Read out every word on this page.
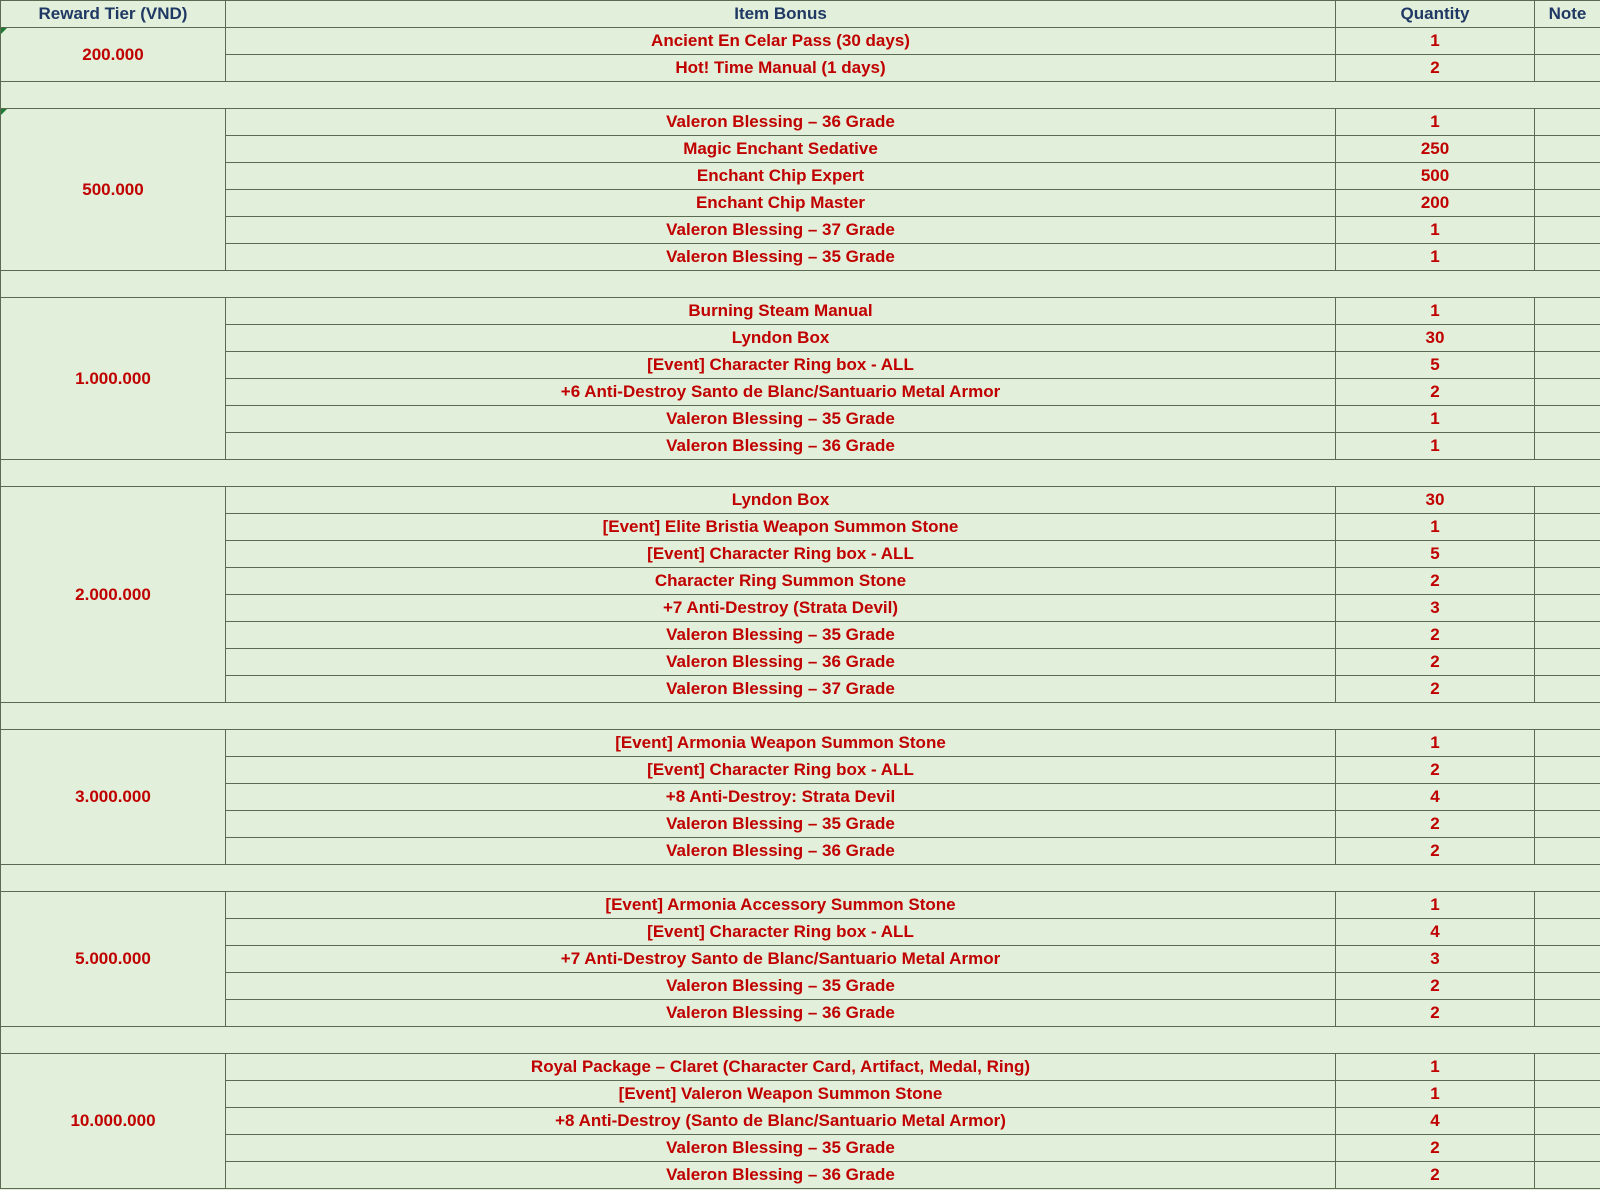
Reward Tier (VND)	Item Bonus	Quantity	Note

200.000	Ancient En Celar Pass (30 days)	1	
	Hot! Time Manual (1 days)	2	

500.000	Valeron Blessing – 36 Grade	1	
	Magic Enchant Sedative	250	
	Enchant Chip Expert	500	
	Enchant Chip Master	200	
	Valeron Blessing – 37 Grade	1	
	Valeron Blessing – 35 Grade	1	

1.000.000	Burning Steam Manual	1	
	Lyndon Box	30	
	[Event] Character Ring box - ALL	5	
	+6 Anti-Destroy Santo de Blanc/Santuario Metal Armor	2	
	Valeron Blessing – 35 Grade	1	
	Valeron Blessing – 36 Grade	1	

2.000.000	Lyndon Box	30	
	[Event] Elite Bristia Weapon Summon Stone	1	
	[Event] Character Ring box - ALL	5	
	Character Ring Summon Stone	2	
	+7 Anti-Destroy (Strata Devil)	3	
	Valeron Blessing – 35 Grade	2	
	Valeron Blessing – 36 Grade	2	
	Valeron Blessing – 37 Grade	2	

3.000.000	[Event] Armonia Weapon Summon Stone	1	
	[Event] Character Ring box - ALL	2	
	+8 Anti-Destroy: Strata Devil	4	
	Valeron Blessing – 35 Grade	2	
	Valeron Blessing – 36 Grade	2	

5.000.000	[Event] Armonia Accessory Summon Stone	1	
	[Event] Character Ring box - ALL	4	
	+7 Anti-Destroy Santo de Blanc/Santuario Metal Armor	3	
	Valeron Blessing – 35 Grade	2	
	Valeron Blessing – 36 Grade	2	

10.000.000	Royal Package – Claret (Character Card, Artifact, Medal, Ring)	1	
	[Event] Valeron Weapon Summon Stone	1	
	+8 Anti-Destroy (Santo de Blanc/Santuario Metal Armor)	4	
	Valeron Blessing – 35 Grade	2	
	Valeron Blessing – 36 Grade	2	
